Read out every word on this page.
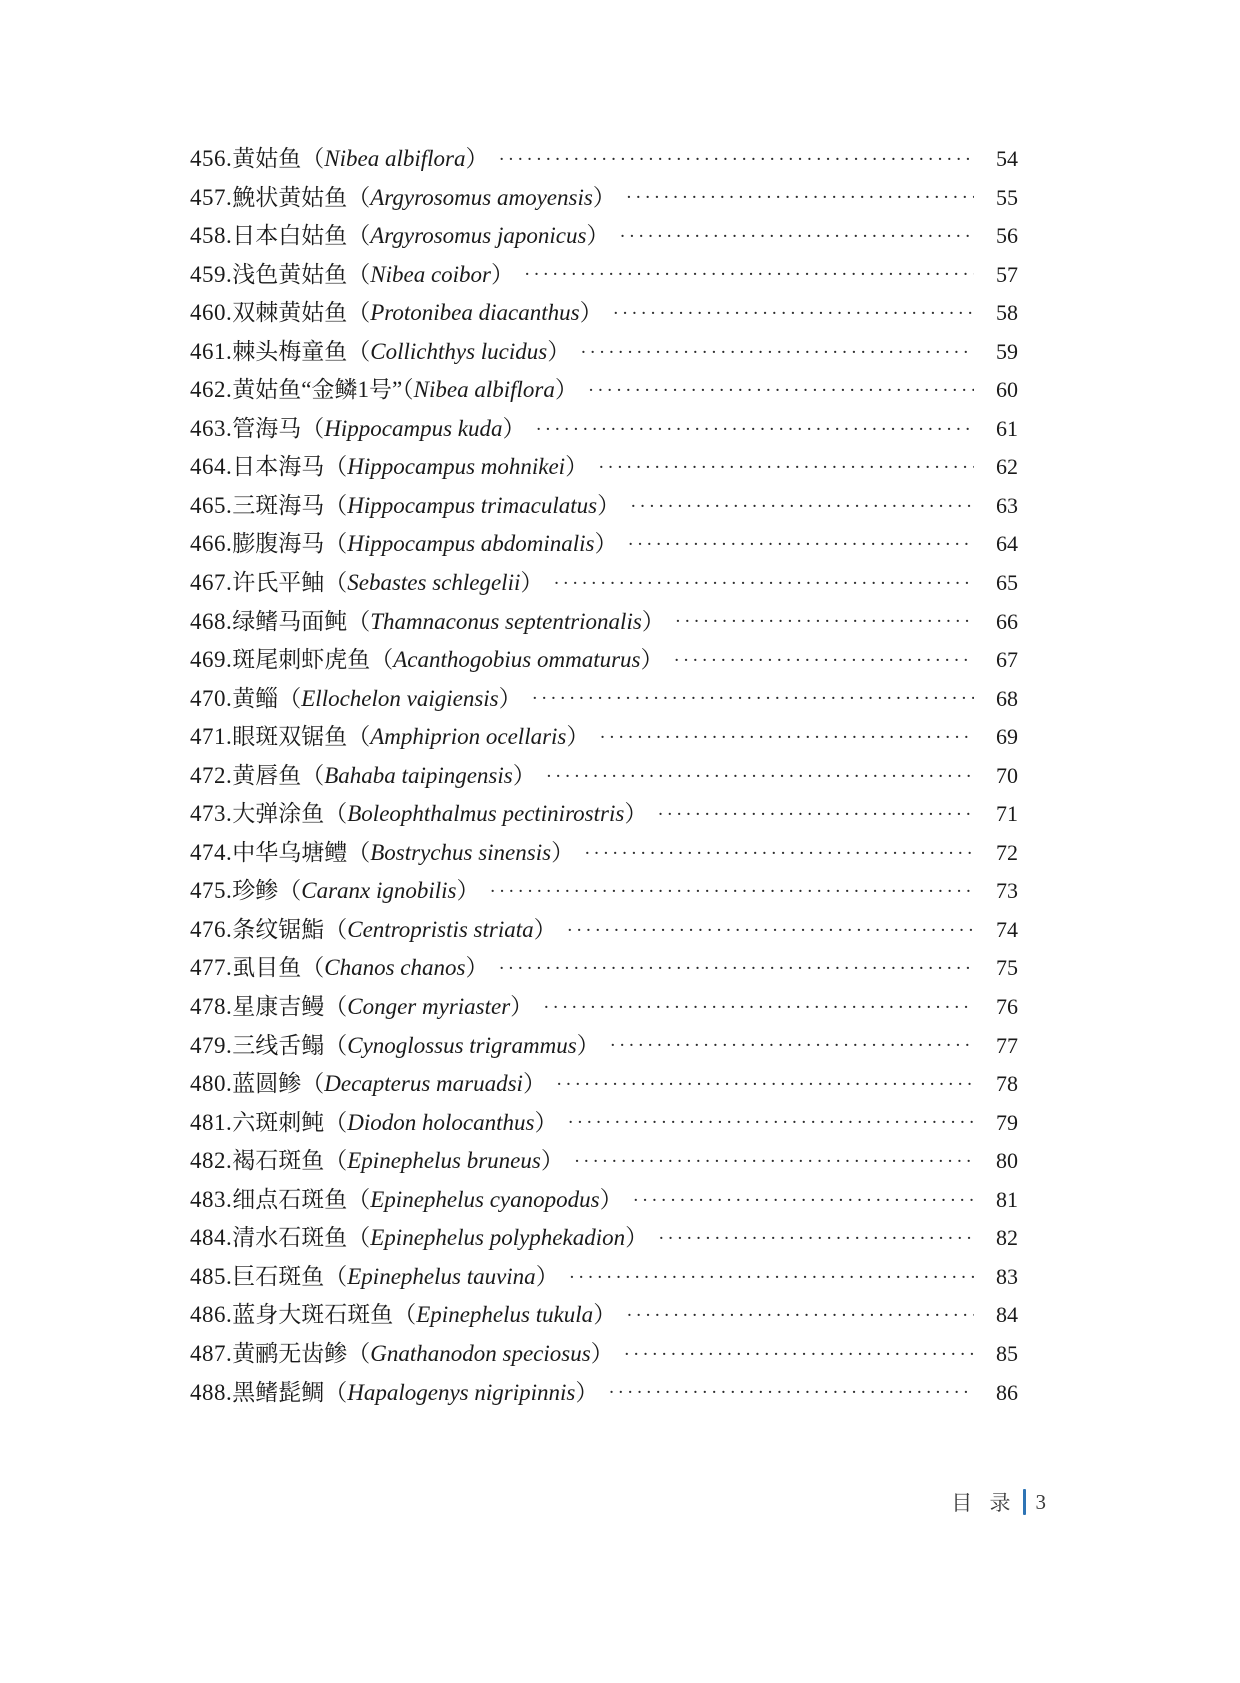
456.黄姑鱼（Nibea albiflora） ·····	54
457.鮸状黄姑鱼（Argyrosomus amoyensis） ·····	55
458.日本白姑鱼（Argyrosomus japonicus） ·····	56
459.浅色黄姑鱼（Nibea coibor） ·····	57
460.双棘黄姑鱼（Protonibea diacanthus） ·····	58
461.棘头梅童鱼（Collichthys lucidus） ·····	59
462.黄姑鱼“金鳞1号”（Nibea albiflora） ·····	60
463.管海马（Hippocampus kuda） ·····	61
464.日本海马（Hippocampus mohnikei） ·····	62
465.三斑海马（Hippocampus trimaculatus） ·····	63
466.膨腹海马（Hippocampus abdominalis） ·····	64
467.许氏平鲉（Sebastes schlegelii） ·····	65
468.绿鳍马面鲀（Thamnaconus septentrionalis） ·····	66
469.斑尾刺虾虎鱼（Acanthogobius ommaturus） ·····	67
470.黄鲻（Ellochelon vaigiensis） ·····	68
471.眼斑双锯鱼（Amphiprion ocellaris） ·····	69
472.黄唇鱼（Bahaba taipingensis） ·····	70
473.大弹涂鱼（Boleophthalmus pectinirostris） ·····	71
474.中华乌塘鳢（Bostrychus sinensis） ·····	72
475.珍鲹（Caranx ignobilis） ·····	73
476.条纹锯鮨（Centropristis striata） ·····	74
477.虱目鱼（Chanos chanos） ·····	75
478.星康吉鳗（Conger myriaster） ·····	76
479.三线舌鳎（Cynoglossus trigrammus） ·····	77
480.蓝圆鲹（Decapterus maruadsi） ·····	78
481.六斑刺鲀（Diodon holocanthus） ·····	79
482.褐石斑鱼（Epinephelus bruneus） ·····	80
483.细点石斑鱼（Epinephelus cyanopodus） ·····	81
484.清水石斑鱼（Epinephelus polyphekadion） ·····	82
485.巨石斑鱼（Epinephelus tauvina） ·····	83
486.蓝身大斑石斑鱼（Epinephelus tukula） ·····	84
487.黄鹂无齿鲹（Gnathanodon speciosus） ·····	85
488.黑鳍髭鲷（Hapalogenys nigripinnis） ·····	86
目 录 3
